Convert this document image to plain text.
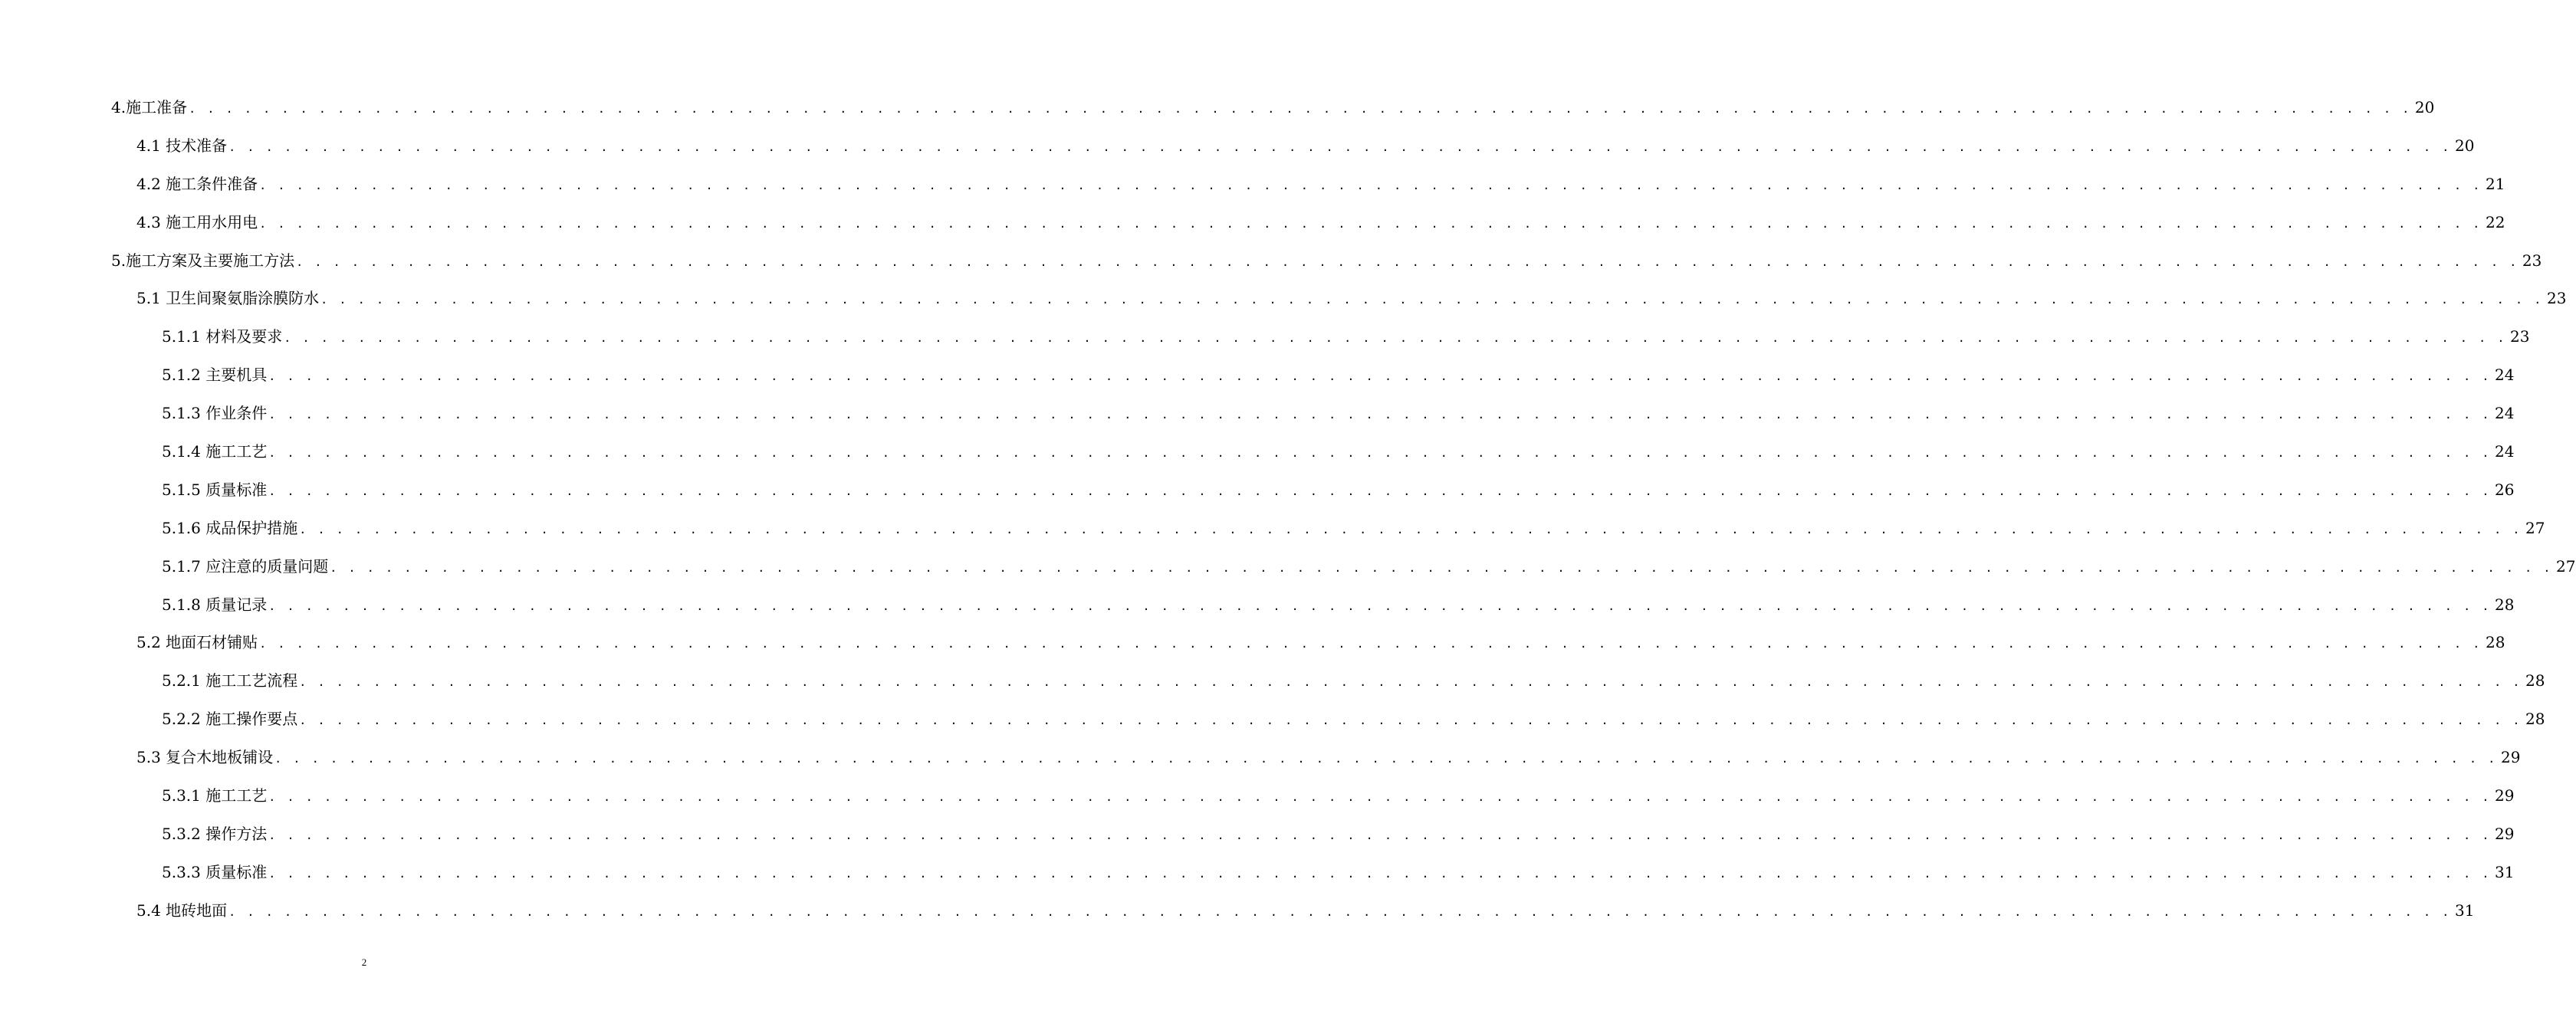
4.施工准备 . . . . . . . . . . . . . . . . . . . . . . . . . . . . . . . . . . . . . . . . . . . . . . . . . . . . . . . . . . . . . . . . . . . . . . . . . . . . . . . . . . . . . . . . . . . . . . . . . . . . . . . . . . . . . . . . . . . . . . . . 20
4.1 技术准备 . . . . . . . . . . . . . . . . . . . . . . . . . . . . . . . . . . . . . . . . . . . . . . . . . . . . . . . . . . . . . . . . . . . . . . . . . . . . . . . . . . . . . . . . . . . . . . . . . . . . . . . . . . . . . . . . . . . . . . . . 20
4.2 施工条件准备 . . . . . . . . . . . . . . . . . . . . . . . . . . . . . . . . . . . . . . . . . . . . . . . . . . . . . . . . . . . . . . . . . . . . . . . . . . . . . . . . . . . . . . . . . . . . . . . . . . . . . . . . . . . . . . . . . . . . . . . . 21
4.3 施工用水用电 . . . . . . . . . . . . . . . . . . . . . . . . . . . . . . . . . . . . . . . . . . . . . . . . . . . . . . . . . . . . . . . . . . . . . . . . . . . . . . . . . . . . . . . . . . . . . . . . . . . . . . . . . . . . . . . . . . . . . . . . 22
5.施工方案及主要施工方法 . . . . . . . . . . . . . . . . . . . . . . . . . . . . . . . . . . . . . . . . . . . . . . . . . . . . . . . . . . . . . . . . . . . . . . . . . . . . . . . . . . . . . . . . . . . . . . . . . . . . . . . . . . . . . . . . . . . . . . . . 23
5.1 卫生间聚氨脂涂膜防水 . . . . . . . . . . . . . . . . . . . . . . . . . . . . . . . . . . . . . . . . . . . . . . . . . . . . . . . . . . . . . . . . . . . . . . . . . . . . . . . . . . . . . . . . . . . . . . . . . . . . . . . . . . . . . . . . . . . . . . . . 23
5.1.1 材料及要求 . . . . . . . . . . . . . . . . . . . . . . . . . . . . . . . . . . . . . . . . . . . . . . . . . . . . . . . . . . . . . . . . . . . . . . . . . . . . . . . . . . . . . . . . . . . . . . . . . . . . . . . . . . . . . . . . . . . . . . . . 23
5.1.2 主要机具 . . . . . . . . . . . . . . . . . . . . . . . . . . . . . . . . . . . . . . . . . . . . . . . . . . . . . . . . . . . . . . . . . . . . . . . . . . . . . . . . . . . . . . . . . . . . . . . . . . . . . . . . . . . . . . . . . . . . . . . . 24
5.1.3 作业条件 . . . . . . . . . . . . . . . . . . . . . . . . . . . . . . . . . . . . . . . . . . . . . . . . . . . . . . . . . . . . . . . . . . . . . . . . . . . . . . . . . . . . . . . . . . . . . . . . . . . . . . . . . . . . . . . . . . . . . . . . 24
5.1.4 施工工艺 . . . . . . . . . . . . . . . . . . . . . . . . . . . . . . . . . . . . . . . . . . . . . . . . . . . . . . . . . . . . . . . . . . . . . . . . . . . . . . . . . . . . . . . . . . . . . . . . . . . . . . . . . . . . . . . . . . . . . . . . 24
5.1.5 质量标准 . . . . . . . . . . . . . . . . . . . . . . . . . . . . . . . . . . . . . . . . . . . . . . . . . . . . . . . . . . . . . . . . . . . . . . . . . . . . . . . . . . . . . . . . . . . . . . . . . . . . . . . . . . . . . . . . . . . . . . . . 26
5.1.6 成品保护措施 . . . . . . . . . . . . . . . . . . . . . . . . . . . . . . . . . . . . . . . . . . . . . . . . . . . . . . . . . . . . . . . . . . . . . . . . . . . . . . . . . . . . . . . . . . . . . . . . . . . . . . . . . . . . . . . . . . . . . . . . 27
5.1.7 应注意的质量问题 . . . . . . . . . . . . . . . . . . . . . . . . . . . . . . . . . . . . . . . . . . . . . . . . . . . . . . . . . . . . . . . . . . . . . . . . . . . . . . . . . . . . . . . . . . . . . . . . . . . . . . . . . . . . . . . . . . . . . . . . 27
5.1.8 质量记录 . . . . . . . . . . . . . . . . . . . . . . . . . . . . . . . . . . . . . . . . . . . . . . . . . . . . . . . . . . . . . . . . . . . . . . . . . . . . . . . . . . . . . . . . . . . . . . . . . . . . . . . . . . . . . . . . . . . . . . . . 28
5.2 地面石材铺贴 . . . . . . . . . . . . . . . . . . . . . . . . . . . . . . . . . . . . . . . . . . . . . . . . . . . . . . . . . . . . . . . . . . . . . . . . . . . . . . . . . . . . . . . . . . . . . . . . . . . . . . . . . . . . . . . . . . . . . . . . 28
5.2.1 施工工艺流程 . . . . . . . . . . . . . . . . . . . . . . . . . . . . . . . . . . . . . . . . . . . . . . . . . . . . . . . . . . . . . . . . . . . . . . . . . . . . . . . . . . . . . . . . . . . . . . . . . . . . . . . . . . . . . . . . . . . . . . . . 28
5.2.2 施工操作要点 . . . . . . . . . . . . . . . . . . . . . . . . . . . . . . . . . . . . . . . . . . . . . . . . . . . . . . . . . . . . . . . . . . . . . . . . . . . . . . . . . . . . . . . . . . . . . . . . . . . . . . . . . . . . . . . . . . . . . . . . 28
5.3 复合木地板铺设 . . . . . . . . . . . . . . . . . . . . . . . . . . . . . . . . . . . . . . . . . . . . . . . . . . . . . . . . . . . . . . . . . . . . . . . . . . . . . . . . . . . . . . . . . . . . . . . . . . . . . . . . . . . . . . . . . . . . . . . . 29
5.3.1 施工工艺 . . . . . . . . . . . . . . . . . . . . . . . . . . . . . . . . . . . . . . . . . . . . . . . . . . . . . . . . . . . . . . . . . . . . . . . . . . . . . . . . . . . . . . . . . . . . . . . . . . . . . . . . . . . . . . . . . . . . . . . . 29
5.3.2 操作方法 . . . . . . . . . . . . . . . . . . . . . . . . . . . . . . . . . . . . . . . . . . . . . . . . . . . . . . . . . . . . . . . . . . . . . . . . . . . . . . . . . . . . . . . . . . . . . . . . . . . . . . . . . . . . . . . . . . . . . . . . 29
5.3.3 质量标准 . . . . . . . . . . . . . . . . . . . . . . . . . . . . . . . . . . . . . . . . . . . . . . . . . . . . . . . . . . . . . . . . . . . . . . . . . . . . . . . . . . . . . . . . . . . . . . . . . . . . . . . . . . . . . . . . . . . . . . . . 31
5.4 地砖地面 . . . . . . . . . . . . . . . . . . . . . . . . . . . . . . . . . . . . . . . . . . . . . . . . . . . . . . . . . . . . . . . . . . . . . . . . . . . . . . . . . . . . . . . . . . . . . . . . . . . . . . . . . . . . . . . . . . . . . . . . 31
2
